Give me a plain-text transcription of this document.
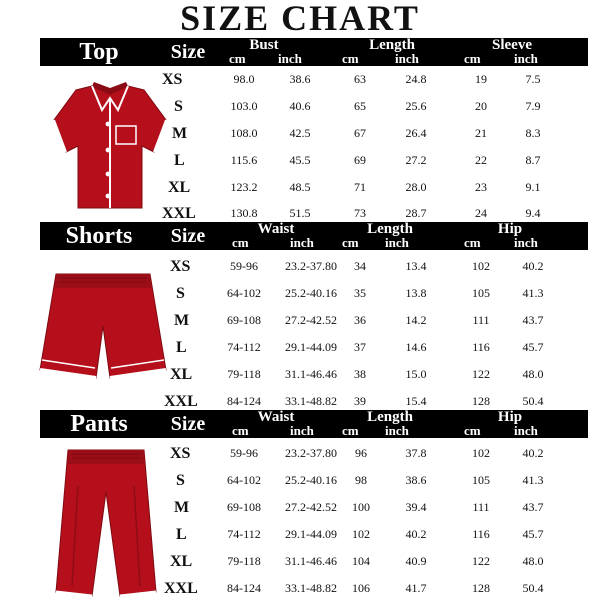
SIZE CHART
Top	Size	Bust
cm	inch
Length
cm	inch
Sleeve
cm	inch
XS	98.0	38.6	63	24.8	19	7.5
S	103.0	40.6	65	25.6	20	7.9
M	108.0	42.5	67	26.4	21	8.3
L	115.6	45.5	69	27.2	22	8.7
XL	123.2	48.5	71	28.0	23	9.1
XXL	130.8	51.5	73	28.7	24	9.4
Shorts	Size	Waist
cm	inch
Length
cm	inch
Hip
cm	inch
XS	59-96	23.2-37.80	34	13.4	102	40.2
S	64-102	25.2-40.16	35	13.8	105	41.3
M	69-108	27.2-42.52	36	14.2	111	43.7
L	74-112	29.1-44.09	37	14.6	116	45.7
XL	79-118	31.1-46.46	38	15.0	122	48.0
XXL	84-124	33.1-48.82	39	15.4	128	50.4
Pants	Size	Waist
cm	inch
Length
cm	inch
Hip
cm	inch
XS	59-96	23.2-37.80	96	37.8	102	40.2
S	64-102	25.2-40.16	98	38.6	105	41.3
M	69-108	27.2-42.52	100	39.4	111	43.7
L	74-112	29.1-44.09	102	40.2	116	45.7
XL	79-118	31.1-46.46	104	40.9	122	48.0
XXL	84-124	33.1-48.82	106	41.7	128	50.4
